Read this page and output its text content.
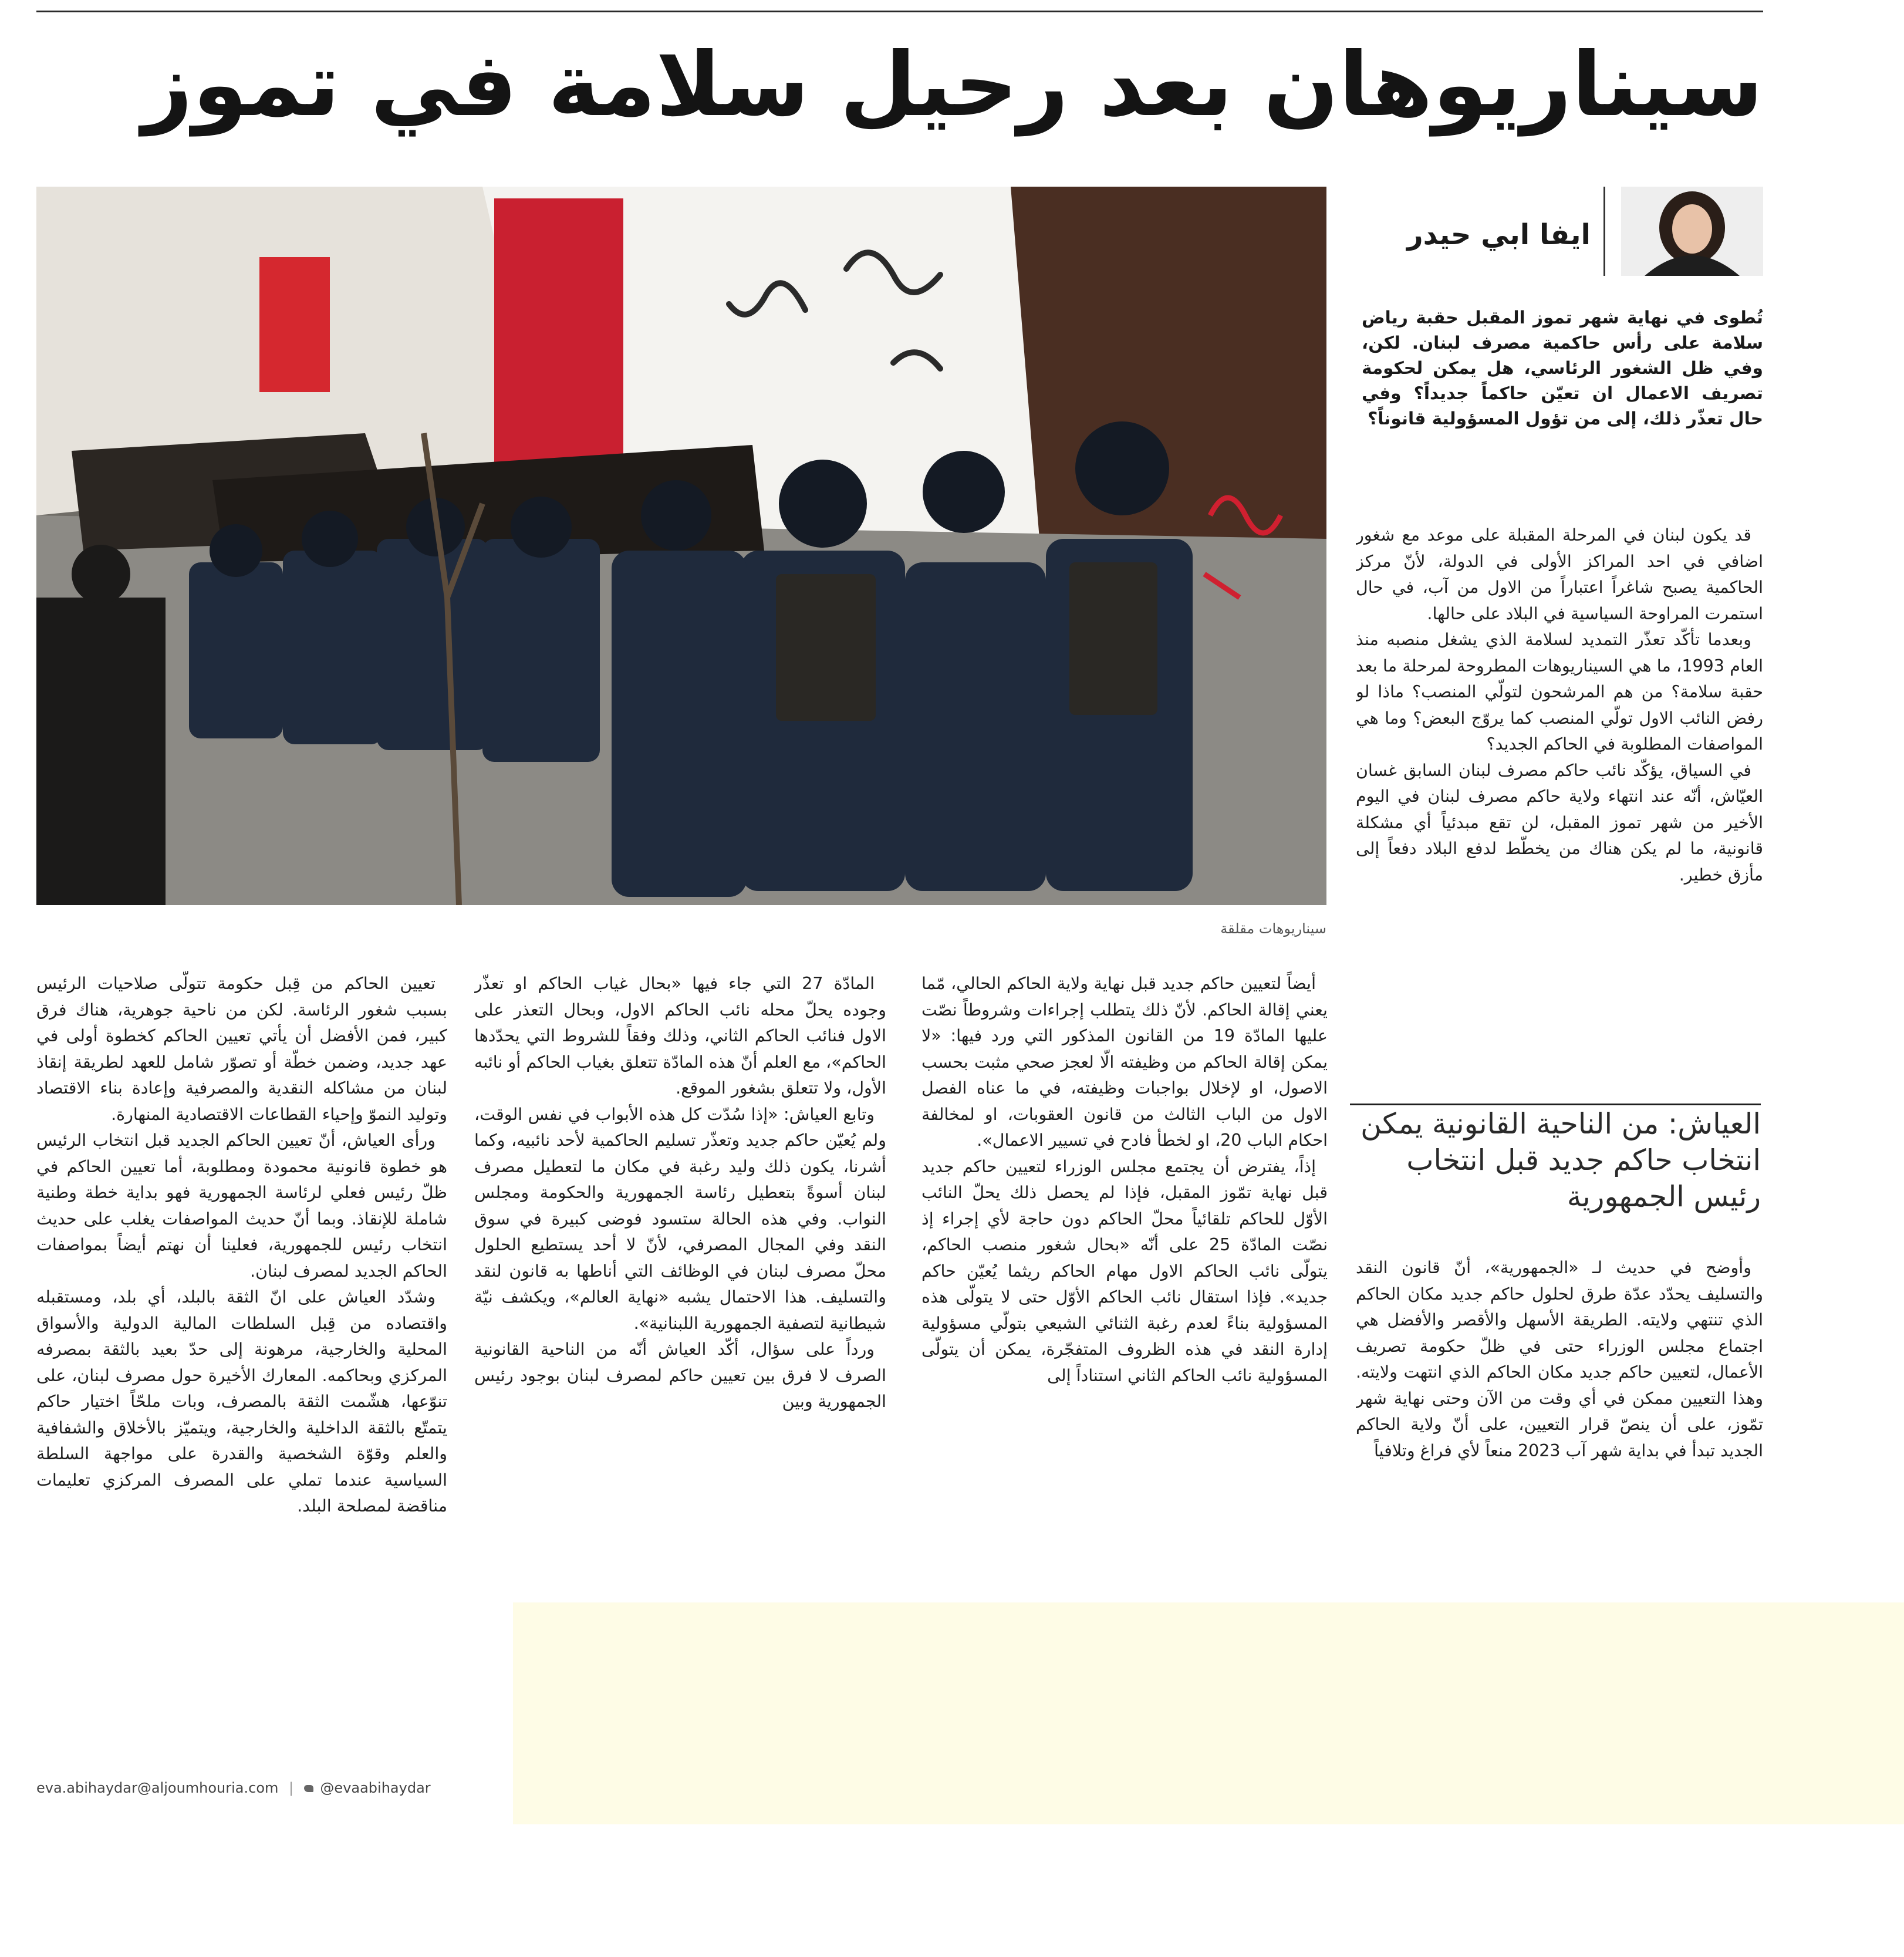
سيناريوهان بعد رحيل سلامة في تموز
سيناريوهات مقلقة
ايفا ابي حيدر
تُطوى في نهاية شهر تموز المقبل حقبة رياض سلامة على رأس حاكمية مصرف لبنان. لكن، وفي ظل الشغور الرئاسي، هل يمكن لحكومة تصريف الاعمال ان تعيّن حاكماً جديداً؟ وفي حال تعذّر ذلك، إلى من تؤول المسؤولية قانوناً؟

قد يكون لبنان في المرحلة المقبلة على موعد مع شغور اضافي في احد المراكز الأولى في الدولة، لأنّ مركز الحاكمية يصبح شاغراً اعتباراً من الاول من آب، في حال استمرت المراوحة السياسية في البلاد على حالها.

وبعدما تأكّد تعذّر التمديد لسلامة الذي يشغل منصبه منذ العام 1993، ما هي السيناريوهات المطروحة لمرحلة ما بعد حقبة سلامة؟ من هم المرشحون لتولّي المنصب؟ ماذا لو رفض النائب الاول تولّي المنصب كما يروّج البعض؟ وما هي المواصفات المطلوبة في الحاكم الجديد؟

في السياق، يؤكّد نائب حاكم مصرف لبنان السابق غسان العيّاش، أنّه عند انتهاء ولاية حاكم مصرف لبنان في اليوم الأخير من شهر تموز المقبل، لن تقع مبدئياً أي مشكلة قانونية، ما لم يكن هناك من يخطّط لدفع البلاد دفعاً إلى مأزق خطير.

العياش: من الناحية القانونية يمكن انتخاب حاكم جديد قبل انتخاب رئيس الجمهورية

وأوضح في حديث لـ «الجمهورية»، أنّ قانون النقد والتسليف يحدّد عدّة طرق لحلول حاكم جديد مكان الحاكم الذي تنتهي ولايته. الطريقة الأسهل والأقصر والأفضل هي اجتماع مجلس الوزراء حتى في ظلّ حكومة تصريف الأعمال، لتعيين حاكم جديد مكان الحاكم الذي انتهت ولايته. وهذا التعيين ممكن في أي وقت من الآن وحتى نهاية شهر تمّوز، على أن ينصّ قرار التعيين، على أنّ ولاية الحاكم الجديد تبدأ في بداية شهر آب 2023 منعاً لأي فراغ وتلافياً

أيضاً لتعيين حاكم جديد قبل نهاية ولاية الحاكم الحالي، مّما يعني إقالة الحاكم. لأنّ ذلك يتطلب إجراءات وشروطاً نصّت عليها المادّة 19 من القانون المذكور التي ورد فيها: «لا يمكن إقالة الحاكم من وظيفته الّا لعجز صحي مثبت بحسب الاصول، او لإخلال بواجبات وظيفته، في ما عناه الفصل الاول من الباب الثالث من قانون العقوبات، او لمخالفة احكام الباب 20، او لخطأ فادح في تسيير الاعمال».

إذاً، يفترض أن يجتمع مجلس الوزراء لتعيين حاكم جديد قبل نهاية تمّوز المقبل، فإذا لم يحصل ذلك يحلّ النائب الأوّل للحاكم تلقائياً محلّ الحاكم دون حاجة لأي إجراء إذ نصّت المادّة 25 على أنّه «بحال شغور منصب الحاكم، يتولّى نائب الحاكم الاول مهام الحاكم ريثما يُعيّن حاكم جديد». فإذا استقال نائب الحاكم الأوّل حتى لا يتولّى هذه المسؤولية بناءً لعدم رغبة الثنائي الشيعي بتولّي مسؤولية إدارة النقد في هذه الظروف المتفجّرة، يمكن أن يتولّى المسؤولية نائب الحاكم الثاني استناداً إلى

المادّة 27 التي جاء فيها «بحال غياب الحاكم او تعذّر وجوده يحلّ محله نائب الحاكم الاول، وبحال التعذر على الاول فنائب الحاكم الثاني، وذلك وفقاً للشروط التي يحدّدها الحاكم»، مع العلم أنّ هذه المادّة تتعلق بغياب الحاكم أو نائبه الأول، ولا تتعلق بشغور الموقع.

وتابع العياش: «إذا سُدّت كل هذه الأبواب في نفس الوقت، ولم يُعيّن حاكم جديد وتعذّر تسليم الحاكمية لأحد نائبيه، وكما أشرنا، يكون ذلك وليد رغبة في مكان ما لتعطيل مصرف لبنان أسوةً بتعطيل رئاسة الجمهورية والحكومة ومجلس النواب. وفي هذه الحالة ستسود فوضى كبيرة في سوق النقد وفي المجال المصرفي، لأنّ لا أحد يستطيع الحلول محلّ مصرف لبنان في الوظائف التي أناطها به قانون لنقد والتسليف. هذا الاحتمال يشبه «نهاية العالم»، ويكشف نيّة شيطانية لتصفية الجمهورية اللبنانية».

ورداً على سؤال، أكّد العياش أنّه من الناحية القانونية الصرف لا فرق بين تعيين حاكم لمصرف لبنان بوجود رئيس الجمهورية وبين

تعيين الحاكم من قِبل حكومة تتولّى صلاحيات الرئيس بسبب شغور الرئاسة. لكن من ناحية جوهرية، هناك فرق كبير، فمن الأفضل أن يأتي تعيين الحاكم كخطوة أولى في عهد جديد، وضمن خطّة أو تصوّر شامل للعهد لطريقة إنقاذ لبنان من مشاكله النقدية والمصرفية وإعادة بناء الاقتصاد وتوليد النموّ وإحياء القطاعات الاقتصادية المنهارة.

ورأى العياش، أنّ تعيين الحاكم الجديد قبل انتخاب الرئيس هو خطوة قانونية محمودة ومطلوبة، أما تعيين الحاكم في ظلّ رئيس فعلي لرئاسة الجمهورية فهو بداية خطة وطنية شاملة للإنقاذ. وبما أنّ حديث المواصفات يغلب على حديث انتخاب رئيس للجمهورية، فعلينا أن نهتم أيضاً بمواصفات الحاكم الجديد لمصرف لبنان.

وشدّد العياش على انّ الثقة بالبلد، أي بلد، ومستقبله واقتصاده من قِبل السلطات المالية الدولية والأسواق المحلية والخارجية، مرهونة إلى حدّ بعيد بالثقة بمصرفه المركزي وبحاكمه. المعارك الأخيرة حول مصرف لبنان، على تنوّعها، هشّمت الثقة بالمصرف، وبات ملحّاً اختيار حاكم يتمتّع بالثقة الداخلية والخارجية، ويتميّز بالأخلاق والشفافية والعلم وقوّة الشخصية والقدرة على مواجهة السلطة السياسية عندما تملي على المصرف المركزي تعليمات مناقضة لمصلحة البلد.

eva.abihaydar@aljoumhouria.com | @evaabihaydar
